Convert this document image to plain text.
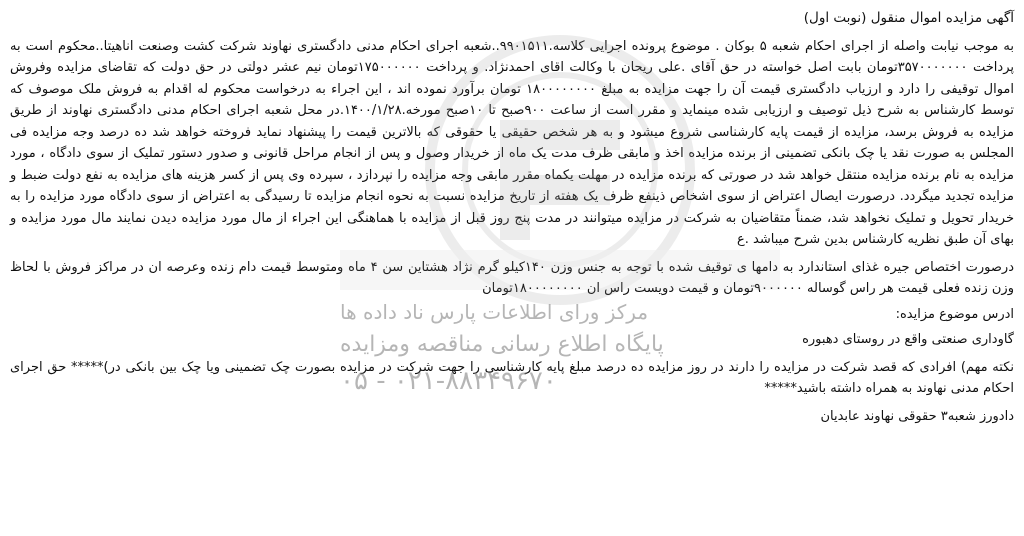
آگهی مزایده اموال منقول (نوبت اول)

به موجب نیابت واصله از اجرای احکام شعبه ۵ بوکان . موضوع پرونده اجرایی کلاسه.۹۹۰۱۵۱۱..شعبه اجرای احکام مدنی دادگستری نهاوند شرکت کشت وصنعت اناهیتا..محکوم است به پرداخت ۳۵۷۰۰۰۰۰۰۰تومان بابت اصل خواسته در حق آقای .علی ریحان با وکالت اقای احمدنژاد. و پرداخت ۱۷۵۰۰۰۰۰۰تومان نیم عشر دولتی در حق دولت که تقاضای مزایده وفروش اموال توقیفی را دارد و ارزیاب دادگستری قیمت آن را جهت مزایده به مبلغ ۱۸۰۰۰۰۰۰۰۰ تومان برآورد نموده اند ، این اجراء به درخواست محکوم له اقدام به فروش ملک موصوف که توسط کارشناس به شرح ذیل توصیف و ارزیابی شده مینماید و مقرر است از ساعت ۹۰۰صبح تا ۱۰صبح مورخه.۱۴۰۰/۱/۲۸.در محل شعبه اجرای احکام مدنی دادگستری نهاوند از طریق مزایده به فروش برسد، مزایده از قیمت پایه کارشناسی شروع میشود و به هر شخص حقیقی یا حقوقی که بالاترین قیمت را پیشنهاد نماید فروخته خواهد شد ده درصد وجه مزایده فی المجلس به صورت نقد یا چک بانکی تضمینی از برنده مزایده اخذ و مابقی ظرف مدت یک ماه از خریدار وصول و پس از انجام مراحل قانونی و صدور دستور تملیک از سوی دادگاه ، مورد مزایده به نام برنده مزایده منتقل خواهد شد در صورتی که برنده مزایده در مهلت یکماه مقرر مابقی وجه مزایده را نپردازد ، سپرده وی پس از کسر هزینه های مزایده به نفع دولت ضبط و مزایده تجدید میگردد. درصورت ایصال اعتراض از سوی اشخاص ذینفع ظرف یک هفته از تاریخ مزایده نسبت به نحوه انجام مزایده تا رسیدگی به اعتراض از سوی دادگاه مورد مزایده را به خریدار تحویل و تملیک نخواهد شد، ضمناً متقاضیان به شرکت در مزایده میتوانند در مدت پنج روز قبل از مزایده با هماهنگی این اجراء از مال مورد مزایده دیدن نمایند مال مورد مزایده و بهای آن طبق نظریه کارشناس بدین شرح میباشد .ع

درصورت اختصاص جیره غذای استاندارد به دامها ی توقیف شده با توجه به جنس وزن ۱۴۰کیلو گرم نژاد هشتاین سن ۴ ماه ومتوسط قیمت دام زنده وعرصه ان در مراکز فروش با لحاظ وزن زنده فعلی قیمت هر راس گوساله ۹۰۰۰۰۰۰تومان و قیمت دویست راس ان ۱۸۰۰۰۰۰۰۰۰تومان

ادرس موضوع مزایده:

گاوداری صنعتی واقع در روستای دهبوره

نکته مهم) افرادی که قصد شرکت در مزایده را دارند در روز مزایده ده درصد مبلغ پایه کارشناسی را جهت شرکت در مزایده بصورت چک تضمینی ویا چک بین بانکی در)***** حق اجرای احکام مدنی نهاوند به همراه داشته باشید*****

دادورز شعبه۳ حقوقی نهاوند عابدیان

مرکز ورای اطلاعات پارس ناد داده ها
پایگاه اطلاع رسانی مناقصه ومزایده
۰۲۱-۸۸۳۴۹۶۷۰ - ۰۵
